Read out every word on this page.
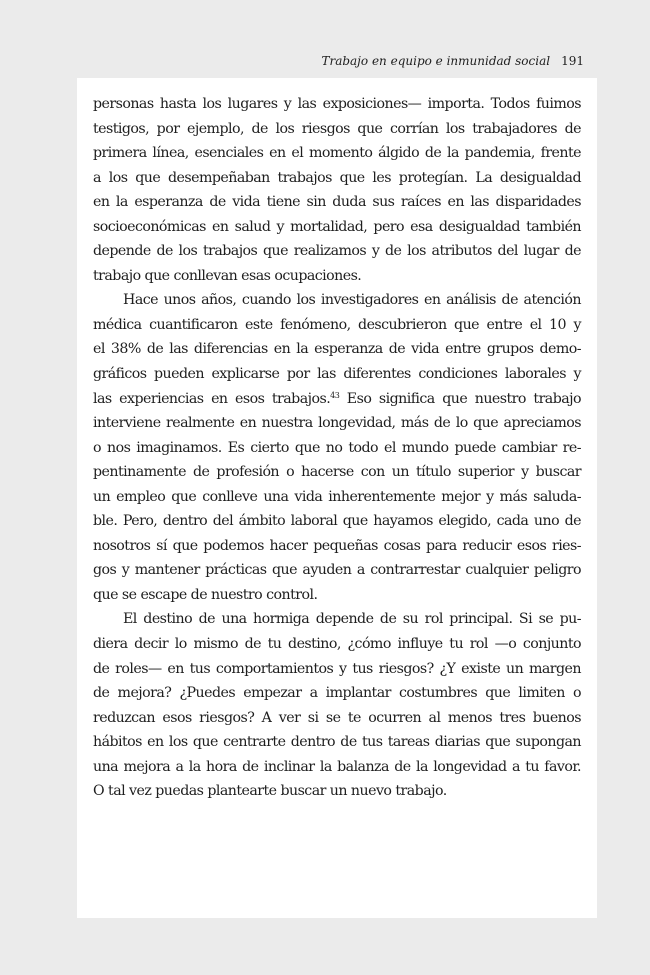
Trabajo en equipo e inmunidad social 191
personas hasta los lugares y las exposiciones— importa. Todos fuimos
testigos, por ejemplo, de los riesgos que corrían los trabajadores de
primera línea, esenciales en el momento álgido de la pandemia, frente
a los que desempeñaban trabajos que les protegían. La desigualdad
en la esperanza de vida tiene sin duda sus raíces en las disparidades
socioeconómicas en salud y mortalidad, pero esa desigualdad también
depende de los trabajos que realizamos y de los atributos del lugar de
trabajo que conllevan esas ocupaciones.
Hace unos años, cuando los investigadores en análisis de atención
médica cuantificaron este fenómeno, descubrieron que entre el 10 y
el 38% de las diferencias en la esperanza de vida entre grupos demo-
gráficos pueden explicarse por las diferentes condiciones laborales y
las experiencias en esos trabajos.$^{43}$ Eso significa que nuestro trabajo
interviene realmente en nuestra longevidad, más de lo que apreciamos
o nos imaginamos. Es cierto que no todo el mundo puede cambiar re-
pentinamente de profesión o hacerse con un título superior y buscar
un empleo que conlleve una vida inherentemente mejor y más saluda-
ble. Pero, dentro del ámbito laboral que hayamos elegido, cada uno de
nosotros sí que podemos hacer pequeñas cosas para reducir esos ries-
gos y mantener prácticas que ayuden a contrarrestar cualquier peligro
que se escape de nuestro control.
El destino de una hormiga depende de su rol principal. Si se pu-
diera decir lo mismo de tu destino, ¿cómo influye tu rol —o conjunto
de roles— en tus comportamientos y tus riesgos? ¿Y existe un margen
de mejora? ¿Puedes empezar a implantar costumbres que limiten o
reduzcan esos riesgos? A ver si se te ocurren al menos tres buenos
hábitos en los que centrarte dentro de tus tareas diarias que supongan
una mejora a la hora de inclinar la balanza de la longevidad a tu favor.
O tal vez puedas plantearte buscar un nuevo trabajo.
